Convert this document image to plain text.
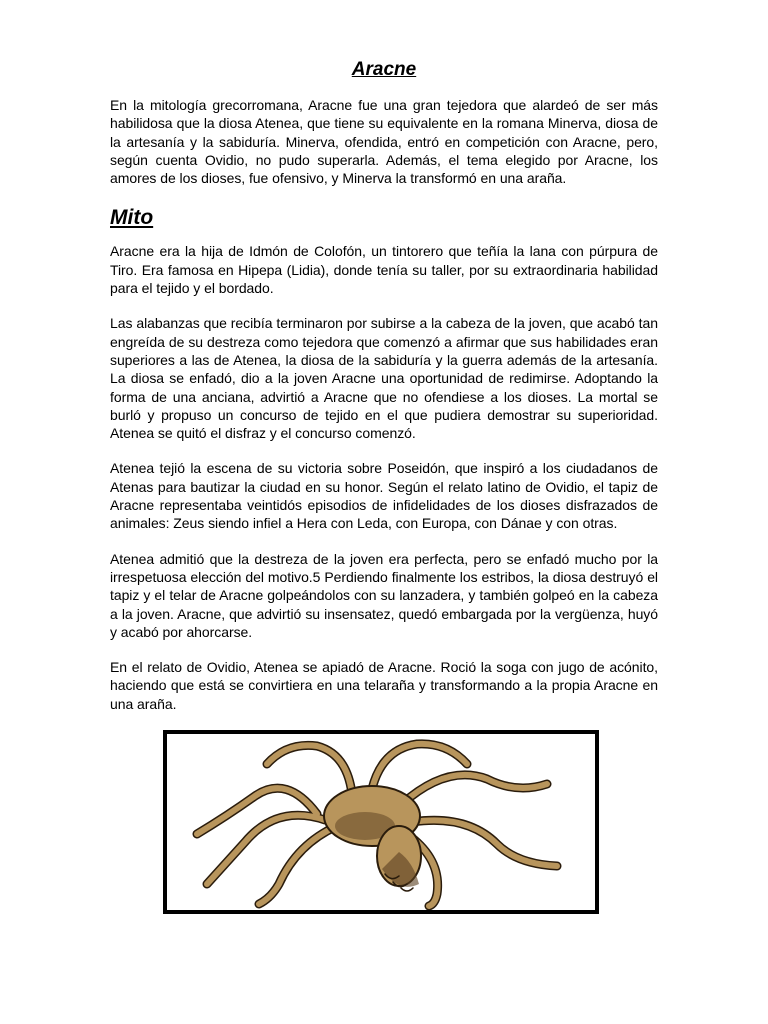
Aracne

En la mitología grecorromana, Aracne fue una gran tejedora que alardeó de ser más habilidosa que la diosa Atenea, que tiene su equivalente en la romana Minerva, diosa de la artesanía y la sabiduría. Minerva, ofendida, entró en competición con Aracne, pero, según cuenta Ovidio, no pudo superarla. Además, el tema elegido por Aracne, los amores de los dioses, fue ofensivo, y Minerva la transformó en una araña.

Mito

Aracne era la hija de Idmón de Colofón, un tintorero que teñía la lana con púrpura de Tiro. Era famosa en Hipepa (Lidia), donde tenía su taller, por su extraordinaria habilidad para el tejido y el bordado.

Las alabanzas que recibía terminaron por subirse a la cabeza de la joven, que acabó tan engreída de su destreza como tejedora que comenzó a afirmar que sus habilidades eran superiores a las de Atenea, la diosa de la sabiduría y la guerra además de la artesanía. La diosa se enfadó, dio a la joven Aracne una oportunidad de redimirse. Adoptando la forma de una anciana, advirtió a Aracne que no ofendiese a los dioses. La mortal se burló y propuso un concurso de tejido en el que pudiera demostrar su superioridad. Atenea se quitó el disfraz y el concurso comenzó.

Atenea tejió la escena de su victoria sobre Poseidón, que inspiró a los ciudadanos de Atenas para bautizar la ciudad en su honor. Según el relato latino de Ovidio, el tapiz de Aracne representaba veintidós episodios de infidelidades de los dioses disfrazados de animales: Zeus siendo infiel a Hera con Leda, con Europa, con Dánae y con otras.

Atenea admitió que la destreza de la joven era perfecta, pero se enfadó mucho por la irrespetuosa elección del motivo.5 Perdiendo finalmente los estribos, la diosa destruyó el tapiz y el telar de Aracne golpeándolos con su lanzadera, y también golpeó en la cabeza a la joven. Aracne, que advirtió su insensatez, quedó embargada por la vergüenza, huyó y acabó por ahorcarse.

En el relato de Ovidio, Atenea se apiadó de Aracne. Roció la soga con jugo de acónito, haciendo que está se convirtiera en una telaraña y transformando a la propia Aracne en una araña.
